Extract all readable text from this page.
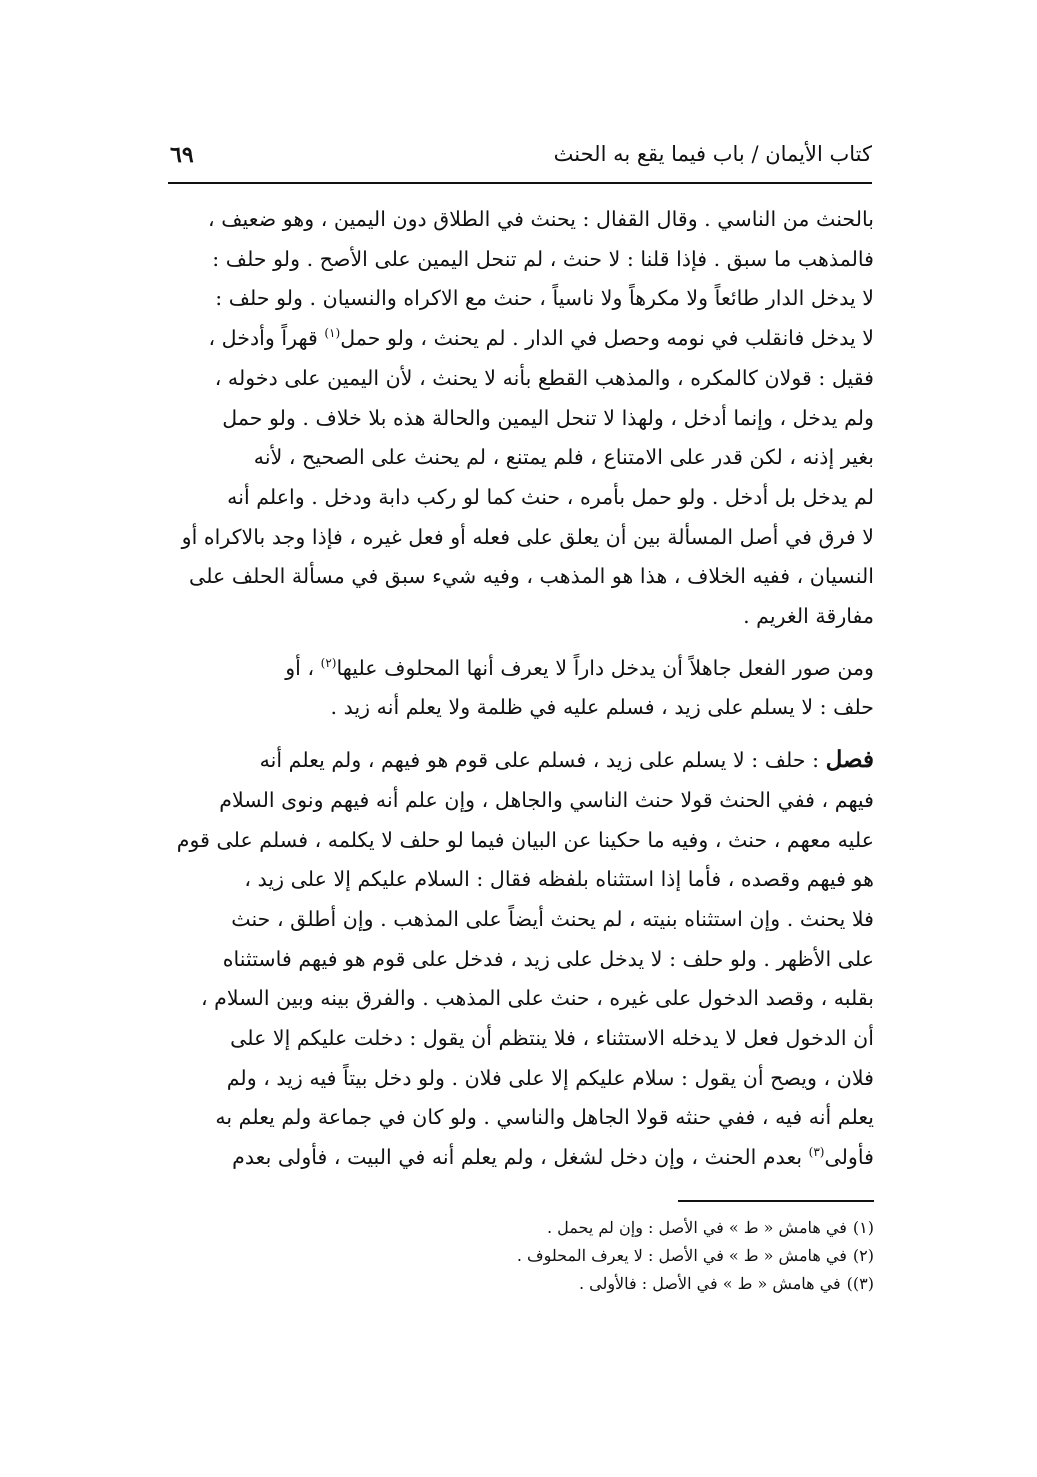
كتاب الأيمان / باب فيما يقع به الحنث
٦٩

بالحنث من الناسي . وقال القفال : يحنث في الطلاق دون اليمين ، وهو ضعيف ،

فالمذهب ما سبق . فإذا قلنا : لا حنث ، لم تنحل اليمين على الأصح . ولو حلف :

لا يدخل الدار طائعاً ولا مكرهاً ولا ناسياً ، حنث مع الاكراه والنسيان . ولو حلف :

لا يدخل فانقلب في نومه وحصل في الدار . لم يحنث ، ولو حمل$^{(١)}$ قهراً وأدخل ،

فقيل : قولان كالمكره ، والمذهب القطع بأنه لا يحنث ، لأن اليمين على دخوله ،

ولم يدخل ، وإنما أدخل ، ولهذا لا تنحل اليمين والحالة هذه بلا خلاف . ولو حمل

بغير إذنه ، لكن قدر على الامتناع ، فلم يمتنع ، لم يحنث على الصحيح ، لأنه

لم يدخل بل أدخل . ولو حمل بأمره ، حنث كما لو ركب دابة ودخل . واعلم أنه

لا فرق في أصل المسألة بين أن يعلق على فعله أو فعل غيره ، فإذا وجد بالاكراه أو

النسيان ، ففيه الخلاف ، هذا هو المذهب ، وفيه شيء سبق في مسألة الحلف على

مفارقة الغريم .

ومن صور الفعل جاهلاً أن يدخل داراً لا يعرف أنها المحلوف عليها$^{(٢)}$ ، أو

حلف : لا يسلم على زيد ، فسلم عليه في ظلمة ولا يعلم أنه زيد .

فصل : حلف : لا يسلم على زيد ، فسلم على قوم هو فيهم ، ولم يعلم أنه

فيهم ، ففي الحنث قولا حنث الناسي والجاهل ، وإن علم أنه فيهم ونوى السلام

عليه معهم ، حنث ، وفيه ما حكينا عن البيان فيما لو حلف لا يكلمه ، فسلم على قوم

هو فيهم وقصده ، فأما إذا استثناه بلفظه فقال : السلام عليكم إلا على زيد ،

فلا يحنث . وإن استثناه بنيته ، لم يحنث أيضاً على المذهب . وإن أطلق ، حنث

على الأظهر . ولو حلف : لا يدخل على زيد ، فدخل على قوم هو فيهم فاستثناه

بقلبه ، وقصد الدخول على غيره ، حنث على المذهب . والفرق بينه وبين السلام ،

أن الدخول فعل لا يدخله الاستثناء ، فلا ينتظم أن يقول : دخلت عليكم إلا على

فلان ، ويصح أن يقول : سلام عليكم إلا على فلان . ولو دخل بيتاً فيه زيد ، ولم

يعلم أنه فيه ، ففي حنثه قولا الجاهل والناسي . ولو كان في جماعة ولم يعلم به

فأولى$^{(٣)}$ بعدم الحنث ، وإن دخل لشغل ، ولم يعلم أنه في البيت ، فأولى بعدم

(١)في هامش « ط » في الأصل : وإن لم يحمل .
(٢)في هامش « ط » في الأصل : لا يعرف المحلوف .
(٣))في هامش « ط » في الأصل : فالأولى .
